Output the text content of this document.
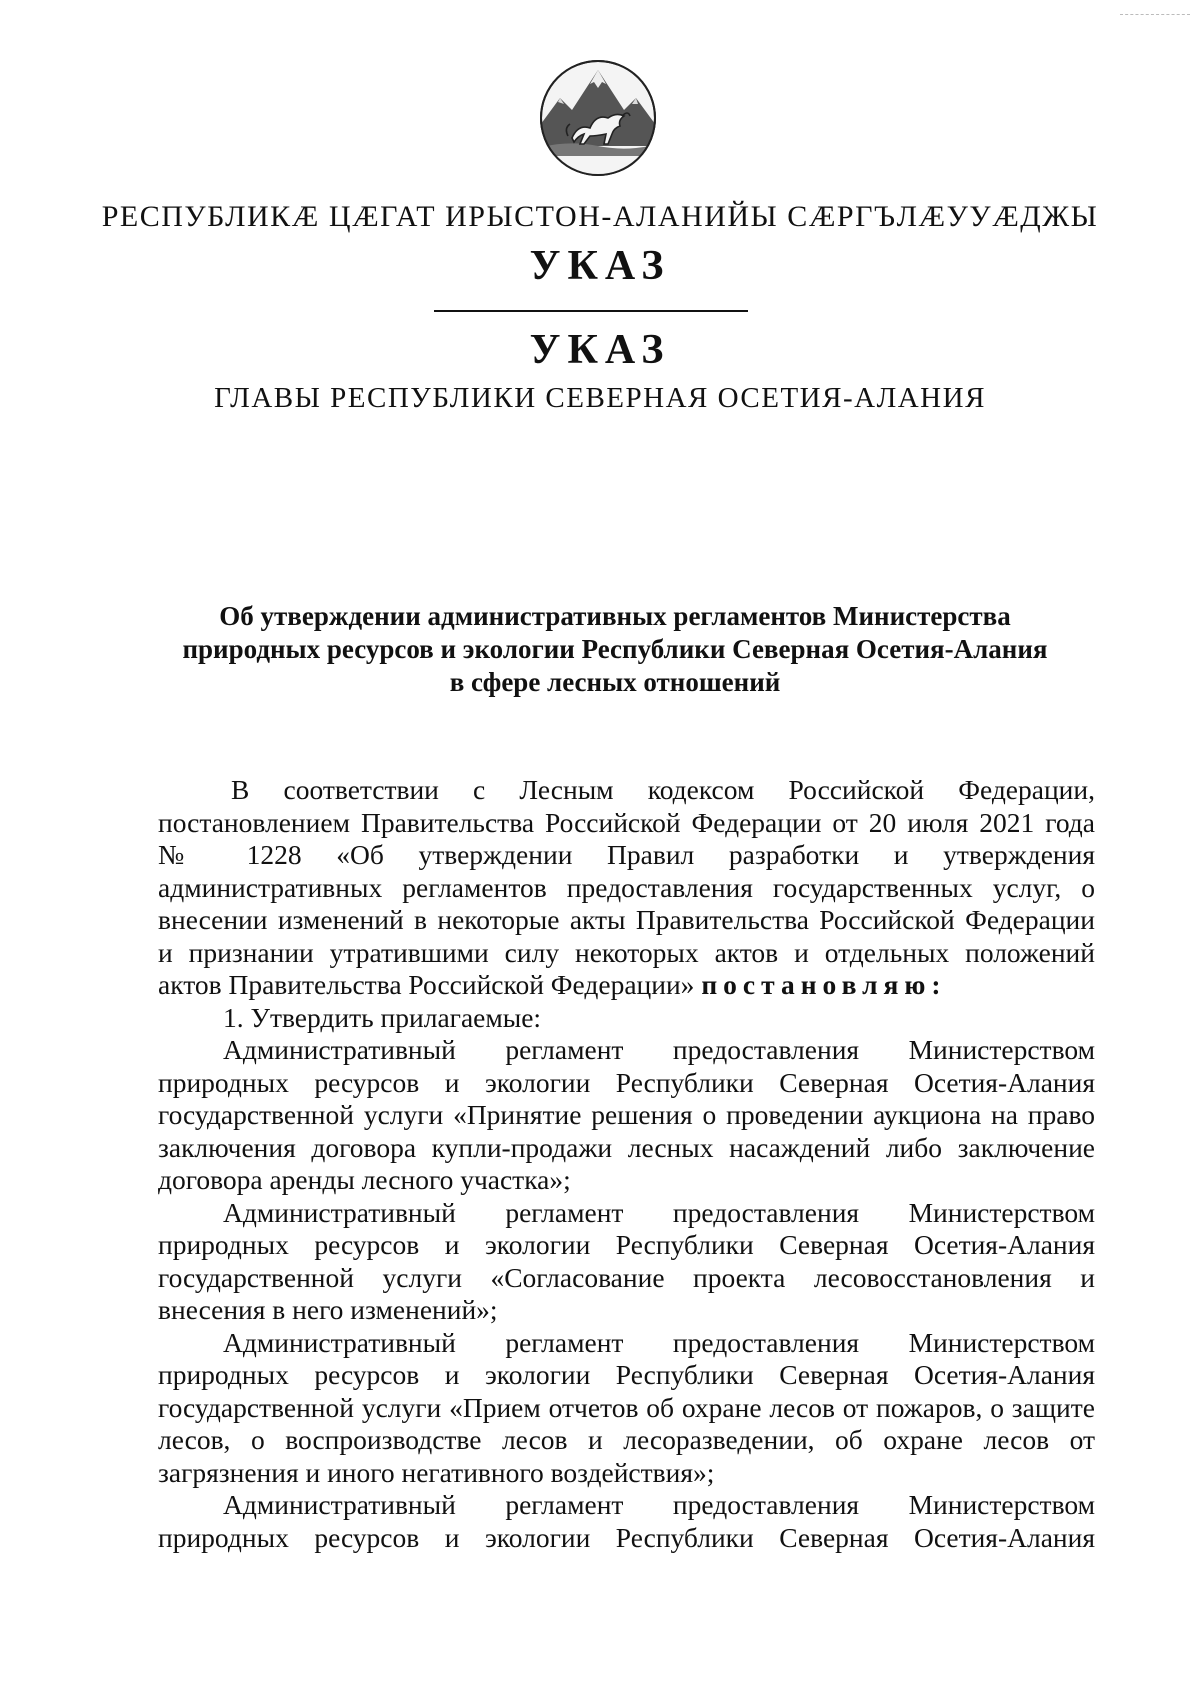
РЕСПУБЛИКÆ ЦÆГАТ ИРЫСТОН-АЛАНИЙЫ СÆРГЪЛÆУУÆДЖЫ
УКАЗ
УКАЗ
ГЛАВЫ РЕСПУБЛИКИ СЕВЕРНАЯ ОСЕТИЯ-АЛАНИЯ
Об утверждении административных регламентов Министерства
природных ресурсов и экологии Республики Северная Осетия-Алания
в сфере лесных отношений
В соответствии с Лесным кодексом Российской Федерации,
постановлением Правительства Российской Федерации от 20 июля 2021 года
№ 1228 «Об утверждении Правил разработки и утверждения
административных регламентов предоставления государственных услуг, о
внесении изменений в некоторые акты Правительства Российской Федерации
и признании утратившими силу некоторых актов и отдельных положений
актов Правительства Российской Федерации» постановляю:
1. Утвердить прилагаемые:
Административный регламент предоставления Министерством
природных ресурсов и экологии Республики Северная Осетия-Алания
государственной услуги «Принятие решения о проведении аукциона на право
заключения договора купли-продажи лесных насаждений либо заключение
договора аренды лесного участка»;
Административный регламент предоставления Министерством
природных ресурсов и экологии Республики Северная Осетия-Алания
государственной услуги «Согласование проекта лесовосстановления и
внесения в него изменений»;
Административный регламент предоставления Министерством
природных ресурсов и экологии Республики Северная Осетия-Алания
государственной услуги «Прием отчетов об охране лесов от пожаров, о защите
лесов, о воспроизводстве лесов и лесоразведении, об охране лесов от
загрязнения и иного негативного воздействия»;
Административный регламент предоставления Министерством
природных ресурсов и экологии Республики Северная Осетия-Алания
